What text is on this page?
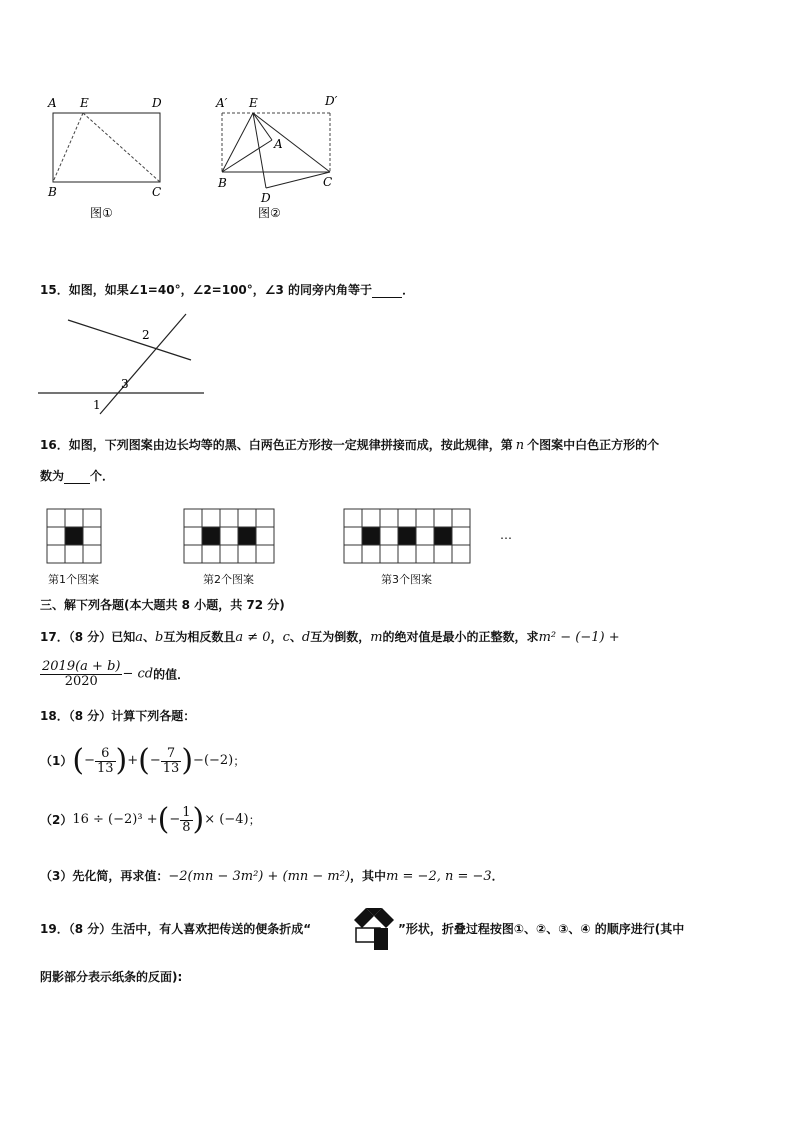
A E	D
B	C
图①
A′ E	D′
A
B	C
D
图②
15．如图，如果∠1=40°，∠2=100°，∠3 的同旁内角等于	．
2
3
1
16．如图，下列图案由边长均等的黑、白两色正方形按一定规律拼接而成，按此规律，第 n 个图案中白色正方形的个
数为 个．
第1个图案	第2个图案	第3个图案
…
三、解下列各题(本大题共 8 小题，共 72 分)
17．（8 分）已知a、b互为相反数且a ≠ 0，c、d互为倒数，m的绝对值是最小的正整数，求m² − (−1) +
$\frac{2019(a + b)}{2020}$ − cd的值．
18．（8 分）计算下列各题：
$(1)(- \frac{6}{13}$ )+(− $\frac{7}{13} )-(-2)$；
（2）16 ÷ (−2)³ +(− $\frac{1}{8}$ )× (−4)；
（3）先化简，再求值：−2(mn − 3m²) + (mn − m²)，其中m = −2, n = −3．
19．（8 分）生活中，有人喜欢把传送的便条折成“	”形状，折叠过程按图①、②、③、④ 的顺序进行(其中
阴影部分表示纸条的反面):
